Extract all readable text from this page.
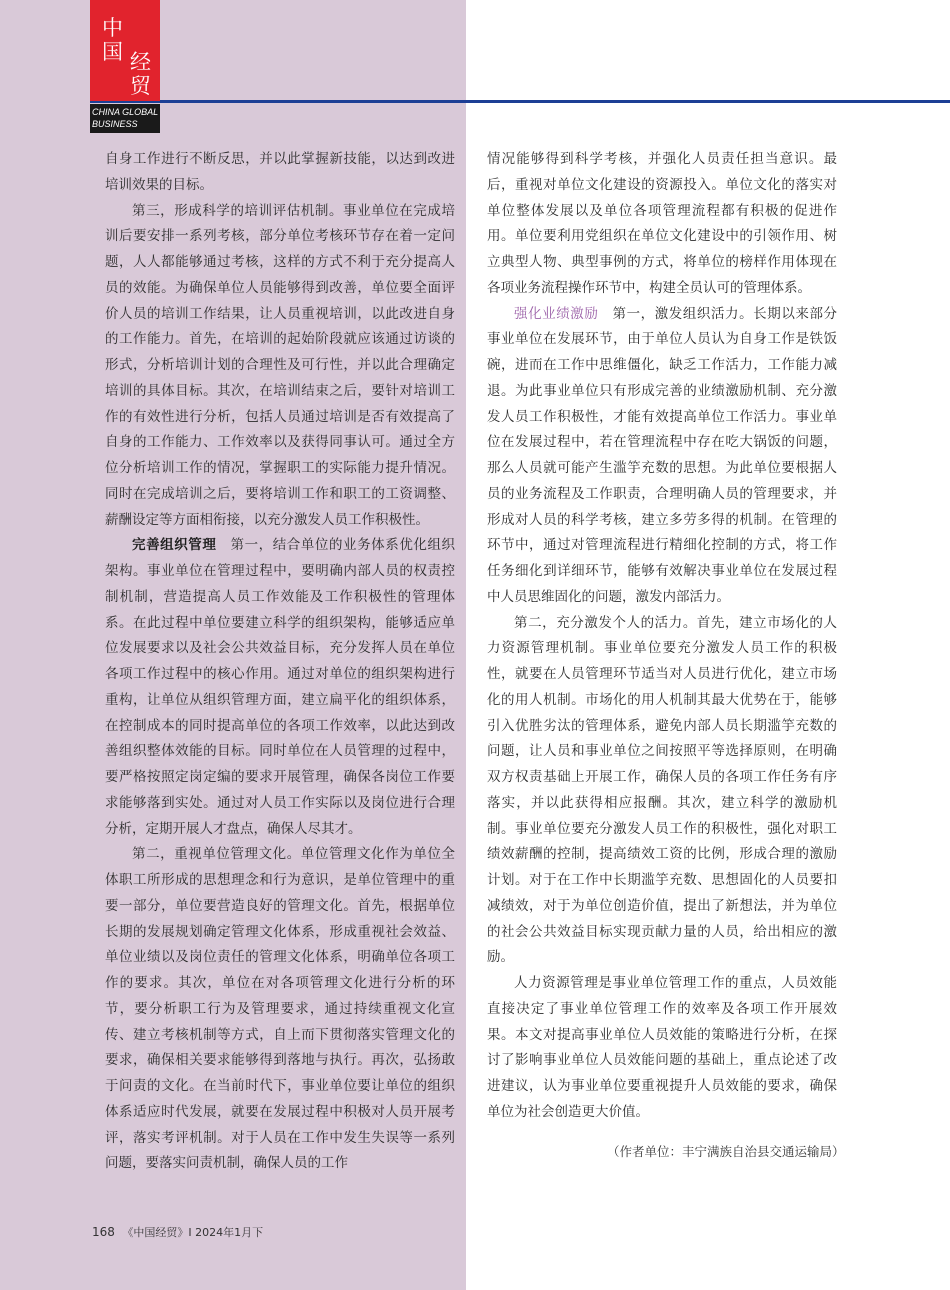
中
国 经
贸
CHINA GLOBAL
BUSINESS

自身工作进行不断反思，并以此掌握新技能，以达到改进培训效果的目标。

第三，形成科学的培训评估机制。事业单位在完成培训后要安排一系列考核，部分单位考核环节存在着一定问题，人人都能够通过考核，这样的方式不利于充分提高人员的效能。为确保单位人员能够得到改善，单位要全面评价人员的培训工作结果，让人员重视培训，以此改进自身的工作能力。首先，在培训的起始阶段就应该通过访谈的形式，分析培训计划的合理性及可行性，并以此合理确定培训的具体目标。其次，在培训结束之后，要针对培训工作的有效性进行分析，包括人员通过培训是否有效提高了自身的工作能力、工作效率以及获得同事认可。通过全方位分析培训工作的情况，掌握职工的实际能力提升情况。同时在完成培训之后，要将培训工作和职工的工资调整、薪酬设定等方面相衔接，以充分激发人员工作积极性。

完善组织管理　 第一，结合单位的业务体系优化组织架构。事业单位在管理过程中，要明确内部人员的权责控制机制，营造提高人员工作效能及工作积极性的管理体系。在此过程中单位要建立科学的组织架构，能够适应单位发展要求以及社会公共效益目标，充分发挥人员在单位各项工作过程中的核心作用。通过对单位的组织架构进行重构，让单位从组织管理方面，建立扁平化的组织体系，在控制成本的同时提高单位的各项工作效率，以此达到改善组织整体效能的目标。同时单位在人员管理的过程中，要严格按照定岗定编的要求开展管理，确保各岗位工作要求能够落到实处。通过对人员工作实际以及岗位进行合理分析，定期开展人才盘点，确保人尽其才。

第二，重视单位管理文化。单位管理文化作为单位全体职工所形成的思想理念和行为意识，是单位管理中的重要一部分，单位要营造良好的管理文化。首先，根据单位长期的发展规划确定管理文化体系，形成重视社会效益、单位业绩以及岗位责任的管理文化体系，明确单位各项工作的要求。其次，单位在对各项管理文化进行分析的环节，要分析职工行为及管理要求，通过持续重视文化宣传、建立考核机制等方式，自上而下贯彻落实管理文化的要求，确保相关要求能够得到落地与执行。再次，弘扬敢于问责的文化。在当前时代下，事业单位要让单位的组织体系适应时代发展，就要在发展过程中积极对人员开展考评，落实考评机制。对于人员在工作中发生失误等一系列问题，要落实问责机制，确保人员的工作

情况能够得到科学考核，并强化人员责任担当意识。最后，重视对单位文化建设的资源投入。单位文化的落实对单位整体发展以及单位各项管理流程都有积极的促进作用。单位要利用党组织在单位文化建设中的引领作用、树立典型人物、典型事例的方式，将单位的榜样作用体现在各项业务流程操作环节中，构建全员认可的管理体系。

强化业绩激励　 第一，激发组织活力。长期以来部分事业单位在发展环节，由于单位人员认为自身工作是铁饭碗，进而在工作中思维僵化，缺乏工作活力，工作能力减退。为此事业单位只有形成完善的业绩激励机制、充分激发人员工作积极性，才能有效提高单位工作活力。事业单位在发展过程中，若在管理流程中存在吃大锅饭的问题，那么人员就可能产生滥竽充数的思想。为此单位要根据人员的业务流程及工作职责，合理明确人员的管理要求，并形成对人员的科学考核，建立多劳多得的机制。在管理的环节中，通过对管理流程进行精细化控制的方式，将工作任务细化到详细环节，能够有效解决事业单位在发展过程中人员思维固化的问题，激发内部活力。

第二，充分激发个人的活力。首先，建立市场化的人力资源管理机制。事业单位要充分激发人员工作的积极性，就要在人员管理环节适当对人员进行优化，建立市场化的用人机制。市场化的用人机制其最大优势在于，能够引入优胜劣汰的管理体系，避免内部人员长期滥竽充数的问题，让人员和事业单位之间按照平等选择原则，在明确双方权责基础上开展工作，确保人员的各项工作任务有序落实，并以此获得相应报酬。其次，建立科学的激励机制。事业单位要充分激发人员工作的积极性，强化对职工绩效薪酬的控制，提高绩效工资的比例，形成合理的激励计划。对于在工作中长期滥竽充数、思想固化的人员要扣减绩效，对于为单位创造价值，提出了新想法，并为单位的社会公共效益目标实现贡献力量的人员，给出相应的激励。

人力资源管理是事业单位管理工作的重点，人员效能直接决定了事业单位管理工作的效率及各项工作开展效果。本文对提高事业单位人员效能的策略进行分析，在探讨了影响事业单位人员效能问题的基础上，重点论述了改进建议，认为事业单位要重视提升人员效能的要求，确保单位为社会创造更大价值。

（作者单位：丰宁满族自治县交通运输局）
168 《中国经贸》I 2024年1月下
